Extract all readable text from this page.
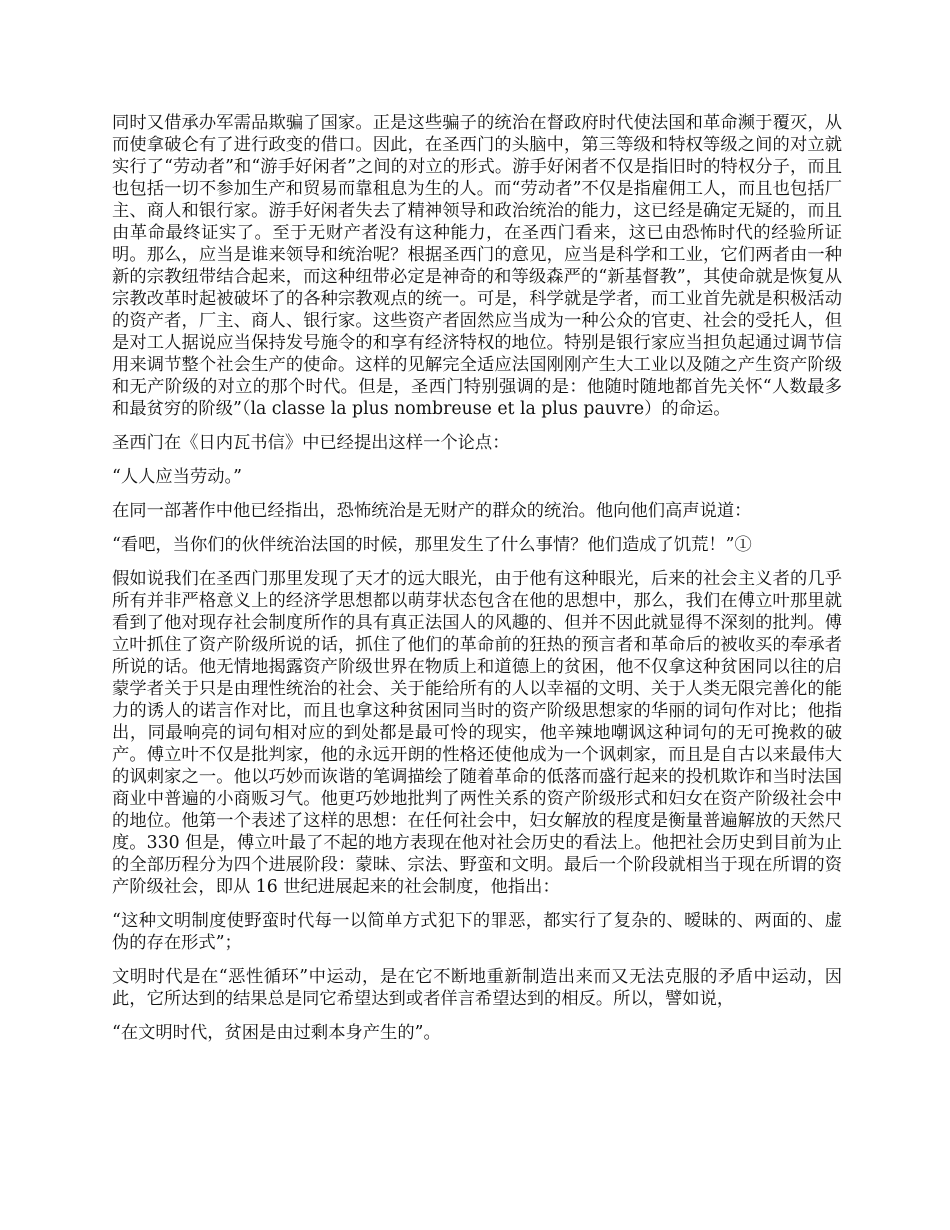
同时又借承办军需品欺骗了国家。正是这些骗子的统治在督政府时代使法国和革命濒于覆灭，从而使拿破仑有了进行政变的借口。因此，在圣西门的头脑中，第三等级和特权等级之间的对立就实行了“劳动者”和“游手好闲者”之间的对立的形式。游手好闲者不仅是指旧时的特权分子，而且也包括一切不参加生产和贸易而靠租息为生的人。而“劳动者”不仅是指雇佣工人，而且也包括厂主、商人和银行家。游手好闲者失去了精神领导和政治统治的能力，这已经是确定无疑的，而且由革命最终证实了。至于无财产者没有这种能力，在圣西门看来，这已由恐怖时代的经验所证明。那么，应当是谁来领导和统治呢？根据圣西门的意见，应当是科学和工业，它们两者由一种新的宗教纽带结合起来，而这种纽带必定是神奇的和等级森严的“新基督教”，其使命就是恢复从宗教改革时起被破坏了的各种宗教观点的统一。可是，科学就是学者，而工业首先就是积极活动的资产者，厂主、商人、银行家。这些资产者固然应当成为一种公众的官吏、社会的受托人，但是对工人据说应当保持发号施令的和享有经济特权的地位。特别是银行家应当担负起通过调节信用来调节整个社会生产的使命。这样的见解完全适应法国刚刚产生大工业以及随之产生资产阶级和无产阶级的对立的那个时代。但是，圣西门特别强调的是：他随时随地都首先关怀“人数最多和最贫穷的阶级”（la classe la plus nombreuse et la plus pauvre）的命运。

圣西门在《日内瓦书信》中已经提出这样一个论点：

“人人应当劳动。”

在同一部著作中他已经指出，恐怖统治是无财产的群众的统治。他向他们高声说道：

“看吧，当你们的伙伴统治法国的时候，那里发生了什么事情？他们造成了饥荒！”①

假如说我们在圣西门那里发现了天才的远大眼光，由于他有这种眼光，后来的社会主义者的几乎所有并非严格意义上的经济学思想都以萌芽状态包含在他的思想中，那么，我们在傅立叶那里就看到了他对现存社会制度所作的具有真正法国人的风趣的、但并不因此就显得不深刻的批判。傅立叶抓住了资产阶级所说的话，抓住了他们的革命前的狂热的预言者和革命后的被收买的奉承者所说的话。他无情地揭露资产阶级世界在物质上和道德上的贫困，他不仅拿这种贫困同以往的启蒙学者关于只是由理性统治的社会、关于能给所有的人以幸福的文明、关于人类无限完善化的能力的诱人的诺言作对比，而且也拿这种贫困同当时的资产阶级思想家的华丽的词句作对比；他指出，同最响亮的词句相对应的到处都是最可怜的现实，他辛辣地嘲讽这种词句的无可挽救的破产。傅立叶不仅是批判家，他的永远开朗的性格还使他成为一个讽刺家，而且是自古以来最伟大的讽刺家之一。他以巧妙而诙谐的笔调描绘了随着革命的低落而盛行起来的投机欺诈和当时法国商业中普遍的小商贩习气。他更巧妙地批判了两性关系的资产阶级形式和妇女在资产阶级社会中的地位。他第一个表述了这样的思想：在任何社会中，妇女解放的程度是衡量普遍解放的天然尺度。330 但是，傅立叶最了不起的地方表现在他对社会历史的看法上。他把社会历史到目前为止的全部历程分为四个进展阶段：蒙昧、宗法、野蛮和文明。最后一个阶段就相当于现在所谓的资产阶级社会，即从 16 世纪进展起来的社会制度，他指出：

“这种文明制度使野蛮时代每一以简单方式犯下的罪恶，都实行了复杂的、暧昧的、两面的、虚伪的存在形式”；

文明时代是在“恶性循环”中运动，是在它不断地重新制造出来而又无法克服的矛盾中运动，因此，它所达到的结果总是同它希望达到或者佯言希望达到的相反。所以，譬如说，

“在文明时代，贫困是由过剩本身产生的”。
